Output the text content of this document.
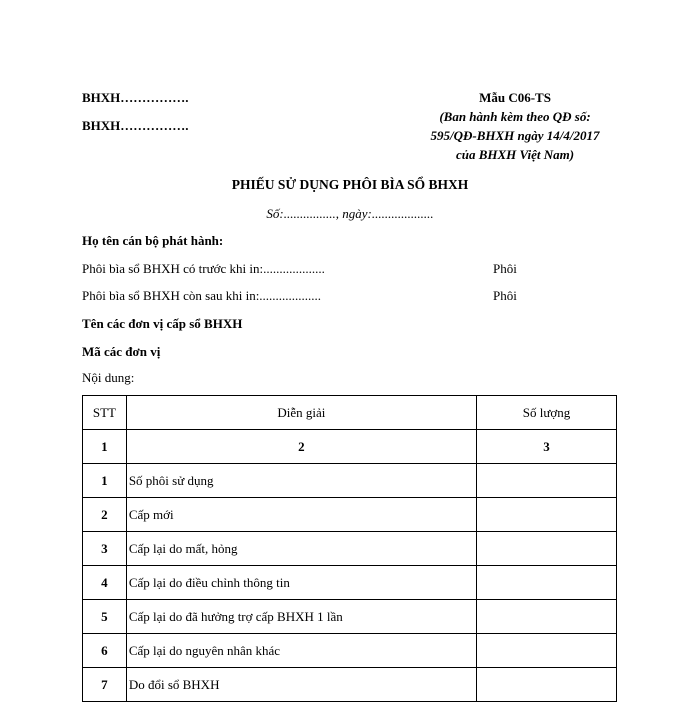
BHXH…………….
BHXH…………….
Mẫu C06-TS
(Ban hành kèm theo QĐ số:
595/QĐ-BHXH ngày 14/4/2017
của BHXH Việt Nam)
PHIẾU SỬ DỤNG PHÔI BÌA SỔ BHXH
Số:................, ngày:...................
Họ tên cán bộ phát hành:
Phôi bìa sổ BHXH có trước khi in:...................	Phôi
Phôi bìa sổ BHXH còn sau khi in:...................	Phôi
Tên các đơn vị cấp sổ BHXH
Mã các đơn vị
Nội dung:
STT	Diễn giải	Số lượng
1	2	3
1	Số phôi sử dụng	
2	Cấp mới	
3	Cấp lại do mất, hỏng	
4	Cấp lại do điều chỉnh thông tin	
5	Cấp lại do đã hưởng trợ cấp BHXH 1 lần	
6	Cấp lại do nguyên nhân khác	
7	Do đổi sổ BHXH	
